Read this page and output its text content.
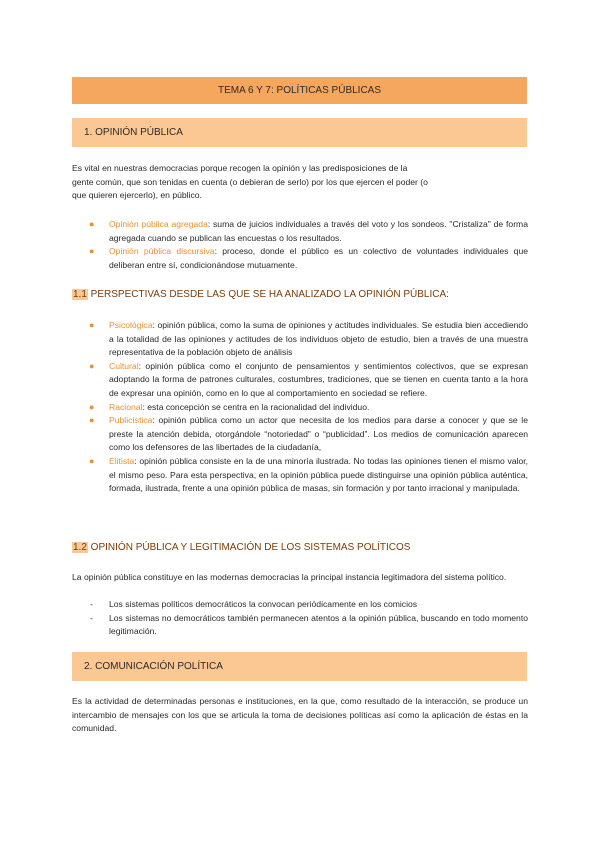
TEMA 6 Y 7: POLÍTICAS PÚBLICAS
1. OPINIÓN PÚBLICA
Es vital en nuestras democracias porque recogen la opinión y las predisposiciones de la
gente común, que son tenidas en cuenta (o debieran de serlo) por los que ejercen el poder (o
que quieren ejercerlo), en público.
● Opinión pública agregada: suma de juicios individuales a través del voto y los sondeos. "Cristaliza" de forma agregada cuando se publican las encuestas o los resultados.
● Opinión pública discursiva: proceso, donde el público es un colectivo de voluntades individuales que deliberan entre sí, condicionándose mutuamente.
1.1 PERSPECTIVAS DESDE LAS QUE SE HA ANALIZADO LA OPINIÓN PÚBLICA:
● Psicológica: opinión pública, como la suma de opiniones y actitudes individuales. Se estudia bien accediendo a la totalidad de las opiniones y actitudes de los individuos objeto de estudio, bien a través de una muestra representativa de la población objeto de análisis
● Cultural: opinión pública como el conjunto de pensamientos y sentimientos colectivos, que se expresan adoptando la forma de patrones culturales, costumbres, tradiciones, que se tienen en cuenta tanto a la hora de expresar una opinión, como en lo que al comportamiento en sociedad se refiere.
● Racional: esta concepción se centra en la racionalidad del individuo.
● Publicística: opinión pública como un actor que necesita de los medios para darse a conocer y que se le preste la atención debida, otorgándole “notoriedad” o “publicidad”. Los medios de comunicación aparecen como los defensores de las libertades de la ciudadanía,
● Elitista: opinión pública consiste en la de una minoría ilustrada. No todas las opiniones tienen el mismo valor, el mismo peso. Para esta perspectiva, en la opinión pública puede distinguirse una opinión pública auténtica, formada, ilustrada, frente a una opinión pública de masas, sin formación y por tanto irracional y manipulada.
1.2 OPINIÓN PÚBLICA Y LEGITIMACIÓN DE LOS SISTEMAS POLÍTICOS
La opinión pública constituye en las modernas democracias la principal instancia legitimadora del sistema político.
- Los sistemas políticos democráticos la convocan periódicamente en los comicios
- Los sistemas no democráticos también permanecen atentos a la opinión pública, buscando en todo momento legitimación.
2. COMUNICACIÓN POLÍTICA
Es la actividad de determinadas personas e instituciones, en la que, como resultado de la interacción, se produce un intercambio de mensajes con los que se articula la toma de decisiones políticas así como la aplicación de éstas en la comunidad.
